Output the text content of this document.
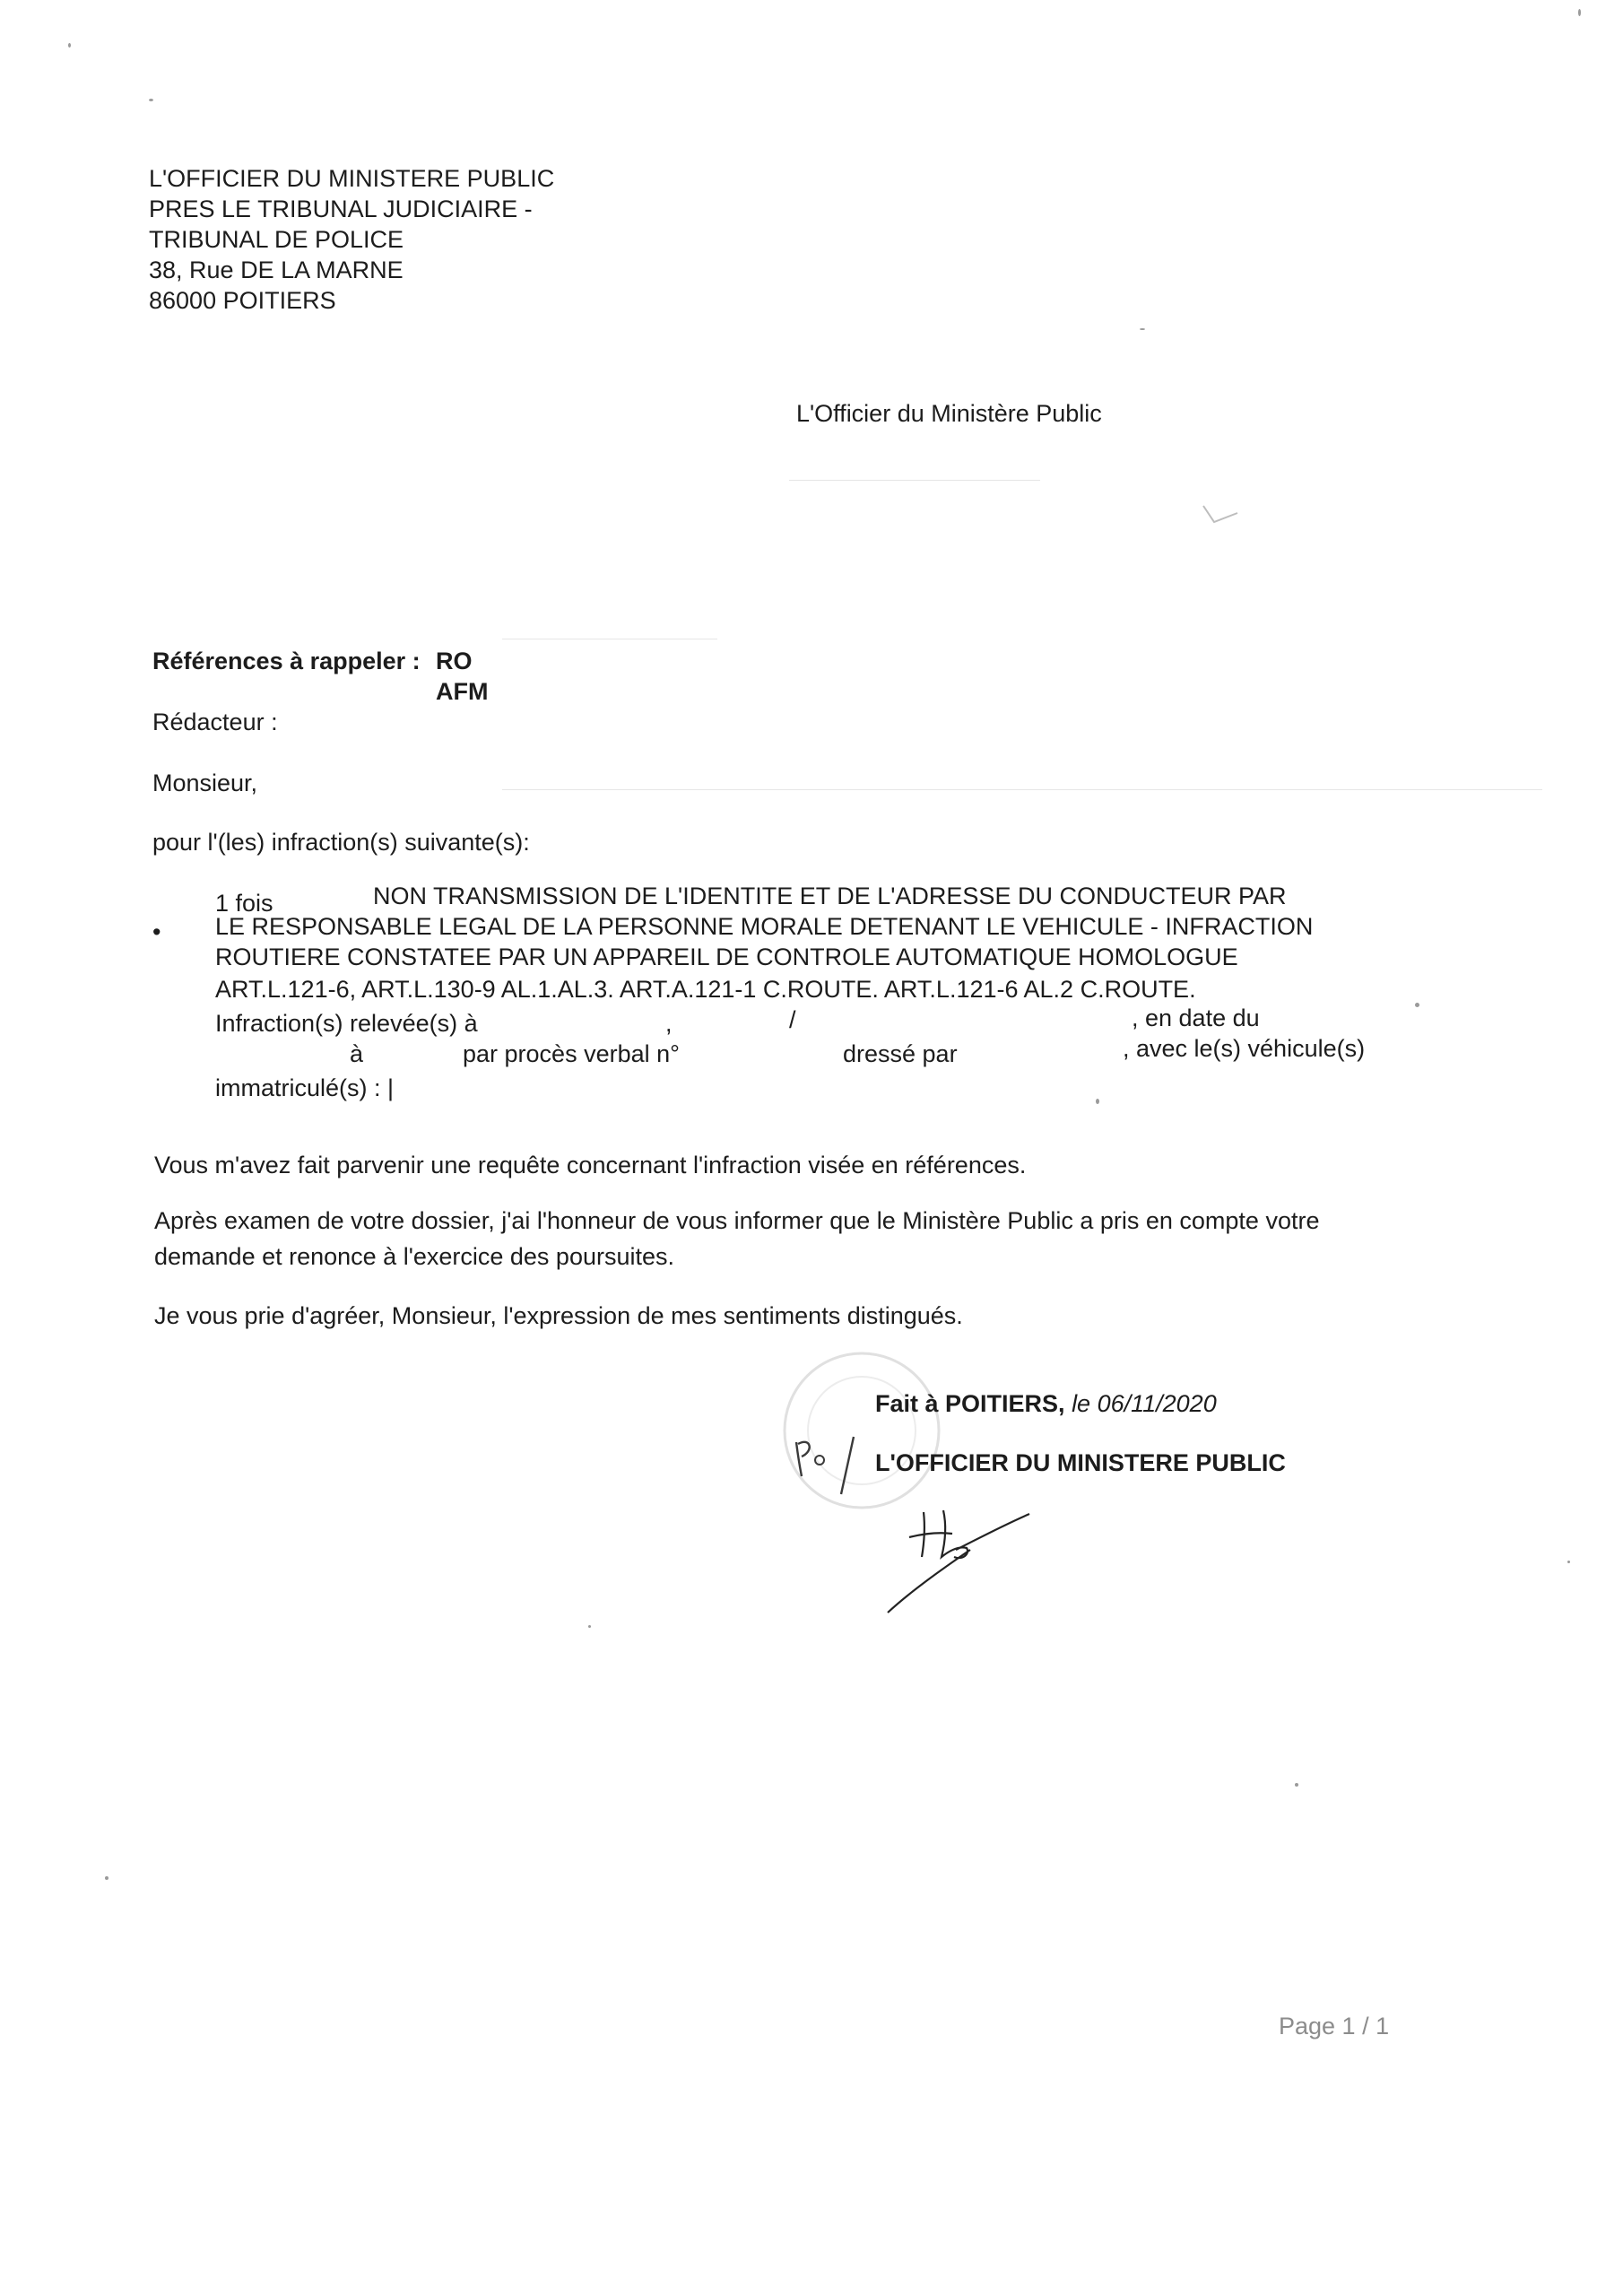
L'OFFICIER DU MINISTERE PUBLIC
PRES LE TRIBUNAL JUDICIAIRE -
TRIBUNAL DE POLICE
38, Rue DE LA MARNE
86000 POITIERS
L'Officier du Ministère Public
Références à rappeler : RO
AFM
Rédacteur :
Monsieur,
pour l'(les) infraction(s) suivante(s):
1 fois	NON TRANSMISSION DE L'IDENTITE ET DE L'ADRESSE DU CONDUCTEUR PAR
• LE RESPONSABLE LEGAL DE LA PERSONNE MORALE DETENANT LE VEHICULE - INFRACTION
ROUTIERE CONSTATEE PAR UN APPAREIL DE CONTROLE AUTOMATIQUE HOMOLOGUE
ART.L.121-6, ART.L.130-9 AL.1.AL.3. ART.A.121-1 C.ROUTE. ART.L.121-6 AL.2 C.ROUTE.
Infraction(s) relevée(s) à	,	/	, en date du
à	par procès verbal n°	dressé par	, avec le(s) véhicule(s)
immatriculé(s) : |
Vous m'avez fait parvenir une requête concernant l'infraction visée en références.
Après examen de votre dossier, j'ai l'honneur de vous informer que le Ministère Public a pris en compte votre
demande et renonce à l'exercice des poursuites.
Je vous prie d'agréer, Monsieur, l'expression de mes sentiments distingués.
Fait à POITIERS, le 06/11/2020
L'OFFICIER DU MINISTERE PUBLIC
Page 1 / 1
